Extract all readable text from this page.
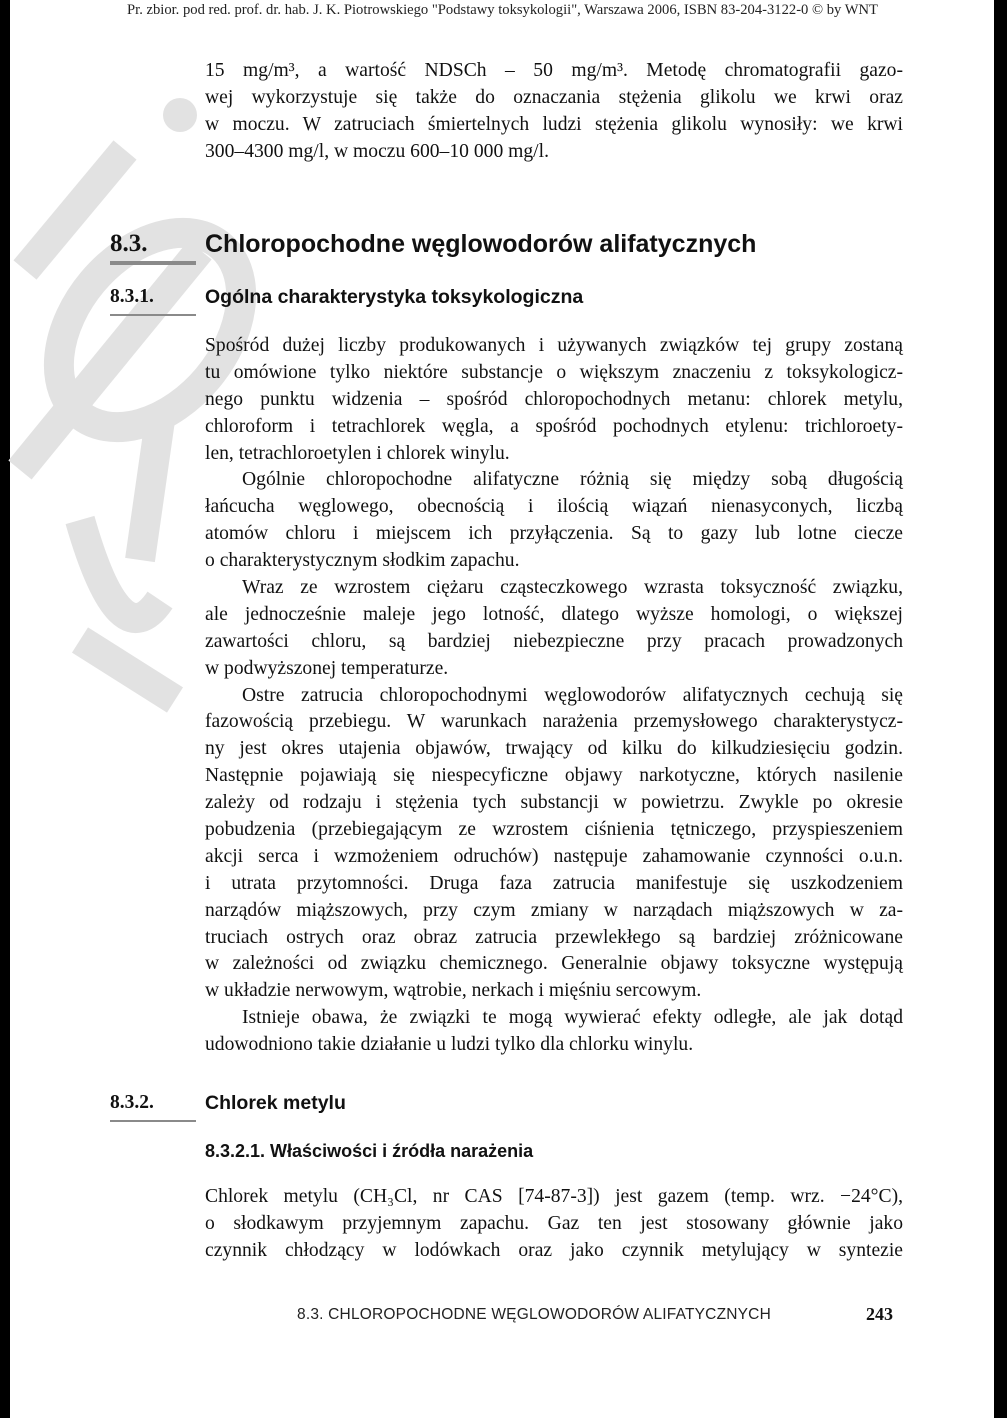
Pr. zbior. pod red. prof. dr. hab. J. K. Piotrowskiego "Podstawy toksykologii", Warszawa 2006, ISBN 83-204-3122-0 © by WNT
15 mg/m³, a wartość NDSCh – 50 mg/m³. Metodę chromatografii gazo-
wej wykorzystuje się także do oznaczania stężenia glikolu we krwi oraz
w moczu. W zatruciach śmiertelnych ludzi stężenia glikolu wynosiły: we krwi
300–4300 mg/l, w moczu 600–10 000 mg/l.
8.3. Chloropochodne węglowodorów alifatycznych
8.3.1.	Ogólna charakterystyka toksykologiczna
Spośród dużej liczby produkowanych i używanych związków tej grupy zostaną
tu omówione tylko niektóre substancje o większym znaczeniu z toksykologicz-
nego punktu widzenia – spośród chloropochodnych metanu: chlorek metylu,
chloroform i tetrachlorek węgla, a spośród pochodnych etylenu: trichloroety-
len, tetrachloroetylen i chlorek winylu.
Ogólnie chloropochodne alifatyczne różnią się między sobą długością
łańcucha węglowego, obecnością i ilością wiązań nienasyconych, liczbą
atomów chloru i miejscem ich przyłączenia. Są to gazy lub lotne ciecze
o charakterystycznym słodkim zapachu.
Wraz ze wzrostem ciężaru cząsteczkowego wzrasta toksyczność związku,
ale jednocześnie maleje jego lotność, dlatego wyższe homologi, o większej
zawartości chloru, są bardziej niebezpieczne przy pracach prowadzonych
w podwyższonej temperaturze.
Ostre zatrucia chloropochodnymi węglowodorów alifatycznych cechują się
fazowością przebiegu. W warunkach narażenia przemysłowego charakterystycz-
ny jest okres utajenia objawów, trwający od kilku do kilkudziesięciu godzin.
Następnie pojawiają się niespecyficzne objawy narkotyczne, których nasilenie
zależy od rodzaju i stężenia tych substancji w powietrzu. Zwykle po okresie
pobudzenia (przebiegającym ze wzrostem ciśnienia tętniczego, przyspieszeniem
akcji serca i wzmożeniem odruchów) następuje zahamowanie czynności o.u.n.
i utrata przytomności. Druga faza zatrucia manifestuje się uszkodzeniem
narządów miąższowych, przy czym zmiany w narządach miąższowych w za-
truciach ostrych oraz obraz zatrucia przewlekłego są bardziej zróżnicowane
w zależności od związku chemicznego. Generalnie objawy toksyczne występują
w układzie nerwowym, wątrobie, nerkach i mięśniu sercowym.
Istnieje obawa, że związki te mogą wywierać efekty odległe, ale jak dotąd
udowodniono takie działanie u ludzi tylko dla chlorku winylu.
8.3.2.	Chlorek metylu
8.3.2.1. Właściwości i źródła narażenia
Chlorek metylu (CH₃Cl, nr CAS [74-87-3]) jest gazem (temp. wrz. −24°C),
o słodkawym przyjemnym zapachu. Gaz ten jest stosowany głównie jako
czynnik chłodzący w lodówkach oraz jako czynnik metylujący w syntezie
8.3. CHLOROPOCHODNE WĘGLOWODORÓW ALIFATYCZNYCH	243
